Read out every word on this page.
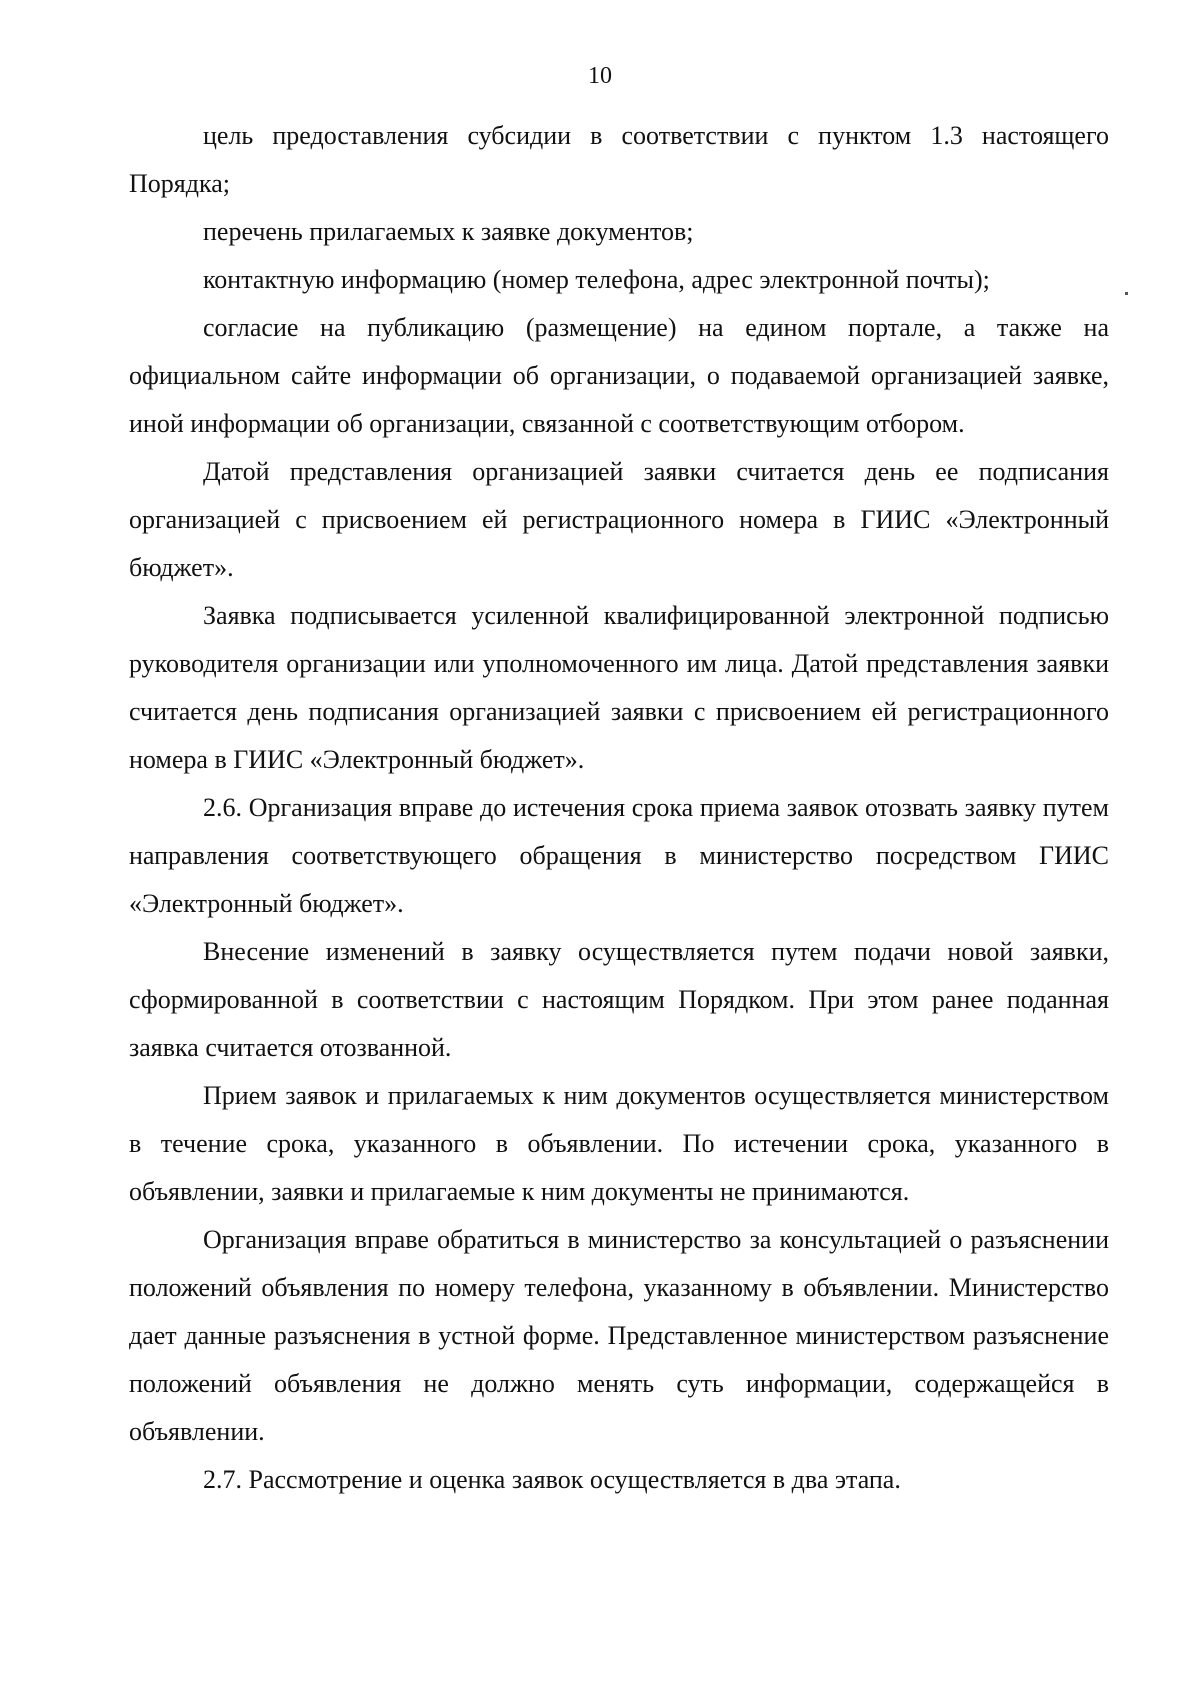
10

цель предоставления субсидии в соответствии с пунктом 1.3 настоящего Порядка;

перечень прилагаемых к заявке документов;

контактную информацию (номер телефона, адрес электронной почты);

согласие на публикацию (размещение) на едином портале, а также на официальном сайте информации об организации, о подаваемой организацией заявке, иной информации об организации, связанной с соответствующим отбором.

Датой представления организацией заявки считается день ее подписания организацией с присвоением ей регистрационного номера в ГИИС «Электронный бюджет».

Заявка подписывается усиленной квалифицированной электронной подписью руководителя организации или уполномоченного им лица. Датой представления заявки считается день подписания организацией заявки с присвоением ей регистрационного номера в ГИИС «Электронный бюджет».

2.6. Организация вправе до истечения срока приема заявок отозвать заявку путем направления соответствующего обращения в министерство посредством ГИИС «Электронный бюджет».

Внесение изменений в заявку осуществляется путем подачи новой заявки, сформированной в соответствии с настоящим Порядком. При этом ранее поданная заявка считается отозванной.

Прием заявок и прилагаемых к ним документов осуществляется министерством в течение срока, указанного в объявлении. По истечении срока, указанного в объявлении, заявки и прилагаемые к ним документы не принимаются.

Организация вправе обратиться в министерство за консультацией о разъяснении положений объявления по номеру телефона, указанному в объявлении. Министерство дает данные разъяснения в устной форме. Представленное министерством разъяснение положений объявления не должно менять суть информации, содержащейся в объявлении.

2.7. Рассмотрение и оценка заявок осуществляется в два этапа.
